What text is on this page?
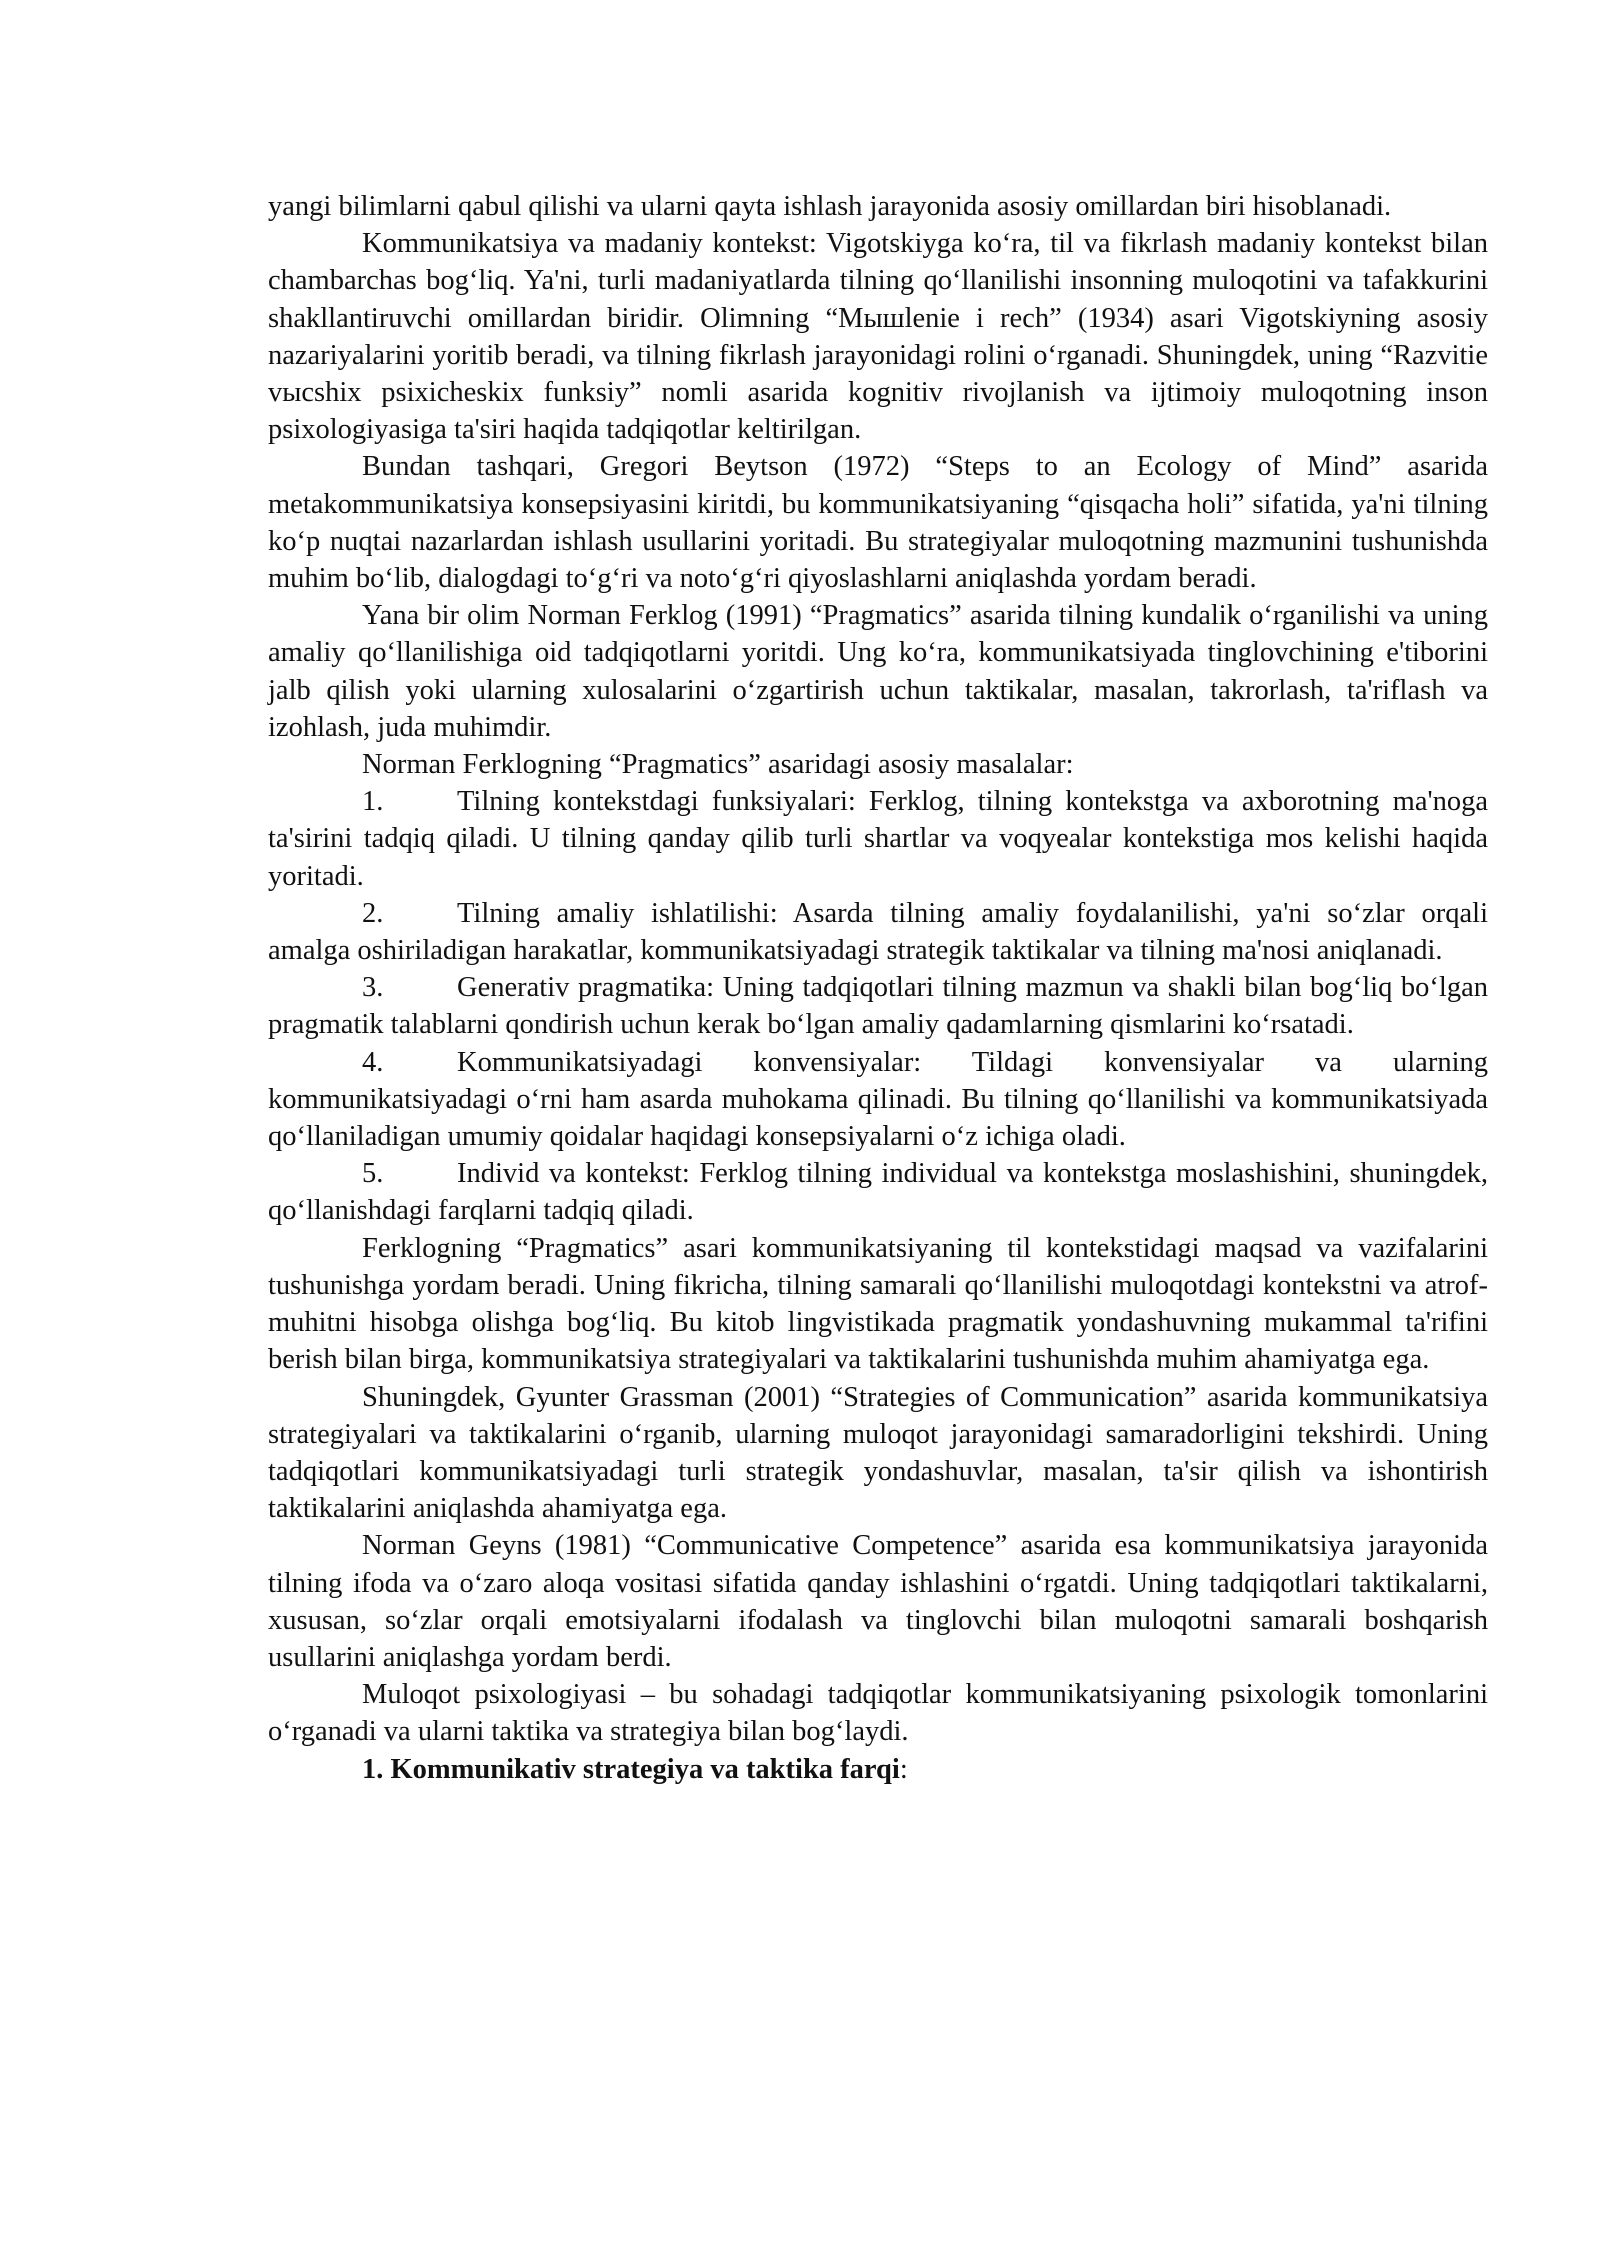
yangi bilimlarni qabul qilishi va ularni qayta ishlash jarayonida asosiy omillardan biri hisoblanadi.

Kommunikatsiya va madaniy kontekst: Vigotskiyga koʻra, til va fikrlash madaniy kontekst bilan chambarchas bogʻliq. Ya'ni, turli madaniyatlarda tilning qoʻllanilishi insonning muloqotini va tafakkurini shakllantiruvchi omillardan biridir. Olimning “Мышlenie i rech” (1934) asari Vigotskiyning asosiy nazariyalarini yoritib beradi, va tilning fikrlash jarayonidagi rolini oʻrganadi. Shuningdek, uning “Razvitie vысshix psixicheskix funksiy” nomli asarida kognitiv rivojlanish va ijtimoiy muloqotning inson psixologiyasiga ta'siri haqida tadqiqotlar keltirilgan.

Bundan tashqari, Gregori Beytson (1972) “Steps to an Ecology of Mind” asarida metakommunikatsiya konsepsiyasini kiritdi, bu kommunikatsiyaning “qisqacha holi” sifatida, ya'ni tilning koʻp nuqtai nazarlardan ishlash usullarini yoritadi. Bu strategiyalar muloqotning mazmunini tushunishda muhim boʻlib, dialogdagi toʻgʻri va notoʻgʻri qiyoslashlarni aniqlashda yordam beradi.

Yana bir olim Norman Ferklog (1991) “Pragmatics” asarida tilning kundalik oʻrganilishi va uning amaliy qoʻllanilishiga oid tadqiqotlarni yoritdi. Ung koʻra, kommunikatsiyada tinglovchining e'tiborini jalb qilish yoki ularning xulosalarini oʻzgartirish uchun taktikalar, masalan, takrorlash, ta'riflash va izohlash, juda muhimdir.

Norman Ferklogning “Pragmatics” asaridagi asosiy masalalar:

1.	Tilning kontekstdagi funksiyalari: Ferklog, tilning kontekstga va axborotning ma'noga ta'sirini tadqiq qiladi. U tilning qanday qilib turli shartlar va voqyealar kontekstiga mos kelishi haqida yoritadi.

2.	Tilning amaliy ishlatilishi: Asarda tilning amaliy foydalanilishi, ya'ni soʻzlar orqali amalga oshiriladigan harakatlar, kommunikatsiyadagi strategik taktikalar va tilning ma'nosi aniqlanadi.

3.	Generativ pragmatika: Uning tadqiqotlari tilning mazmun va shakli bilan bogʻliq boʻlgan pragmatik talablarni qondirish uchun kerak boʻlgan amaliy qadamlarning qismlarini koʻrsatadi.

4.	Kommunikatsiyadagi konvensiyalar: Tildagi konvensiyalar va ularning kommunikatsiyadagi oʻrni ham asarda muhokama qilinadi. Bu tilning qoʻllanilishi va kommunikatsiyada qoʻllaniladigan umumiy qoidalar haqidagi konsepsiyalarni oʻz ichiga oladi.

5.	Individ va kontekst: Ferklog tilning individual va kontekstga moslashishini, shuningdek, qoʻllanishdagi farqlarni tadqiq qiladi.

Ferklogning “Pragmatics” asari kommunikatsiyaning til kontekstidagi maqsad va vazifalarini tushunishga yordam beradi. Uning fikricha, tilning samarali qoʻllanilishi muloqotdagi kontekstni va atrof-muhitni hisobga olishga bogʻliq. Bu kitob lingvistikada pragmatik yondashuvning mukammal ta'rifini berish bilan birga, kommunikatsiya strategiyalari va taktikalarini tushunishda muhim ahamiyatga ega.

Shuningdek, Gyunter Grassman (2001) “Strategies of Communication” asarida kommunikatsiya strategiyalari va taktikalarini oʻrganib, ularning muloqot jarayonidagi samaradorligini tekshirdi. Uning tadqiqotlari kommunikatsiyadagi turli strategik yondashuvlar, masalan, ta'sir qilish va ishontirish taktikalarini aniqlashda ahamiyatga ega.

Norman Geyns (1981) “Communicative Competence” asarida esa kommunikatsiya jarayonida tilning ifoda va oʻzaro aloqa vositasi sifatida qanday ishlashini oʻrgatdi. Uning tadqiqotlari taktikalarni, xususan, soʻzlar orqali emotsiyalarni ifodalash va tinglovchi bilan muloqotni samarali boshqarish usullarini aniqlashga yordam berdi.

Muloqot psixologiyasi – bu sohadagi tadqiqotlar kommunikatsiyaning psixologik tomonlarini oʻrganadi va ularni taktika va strategiya bilan bogʻlaydi.

1. Kommunikativ strategiya va taktika farqi:
